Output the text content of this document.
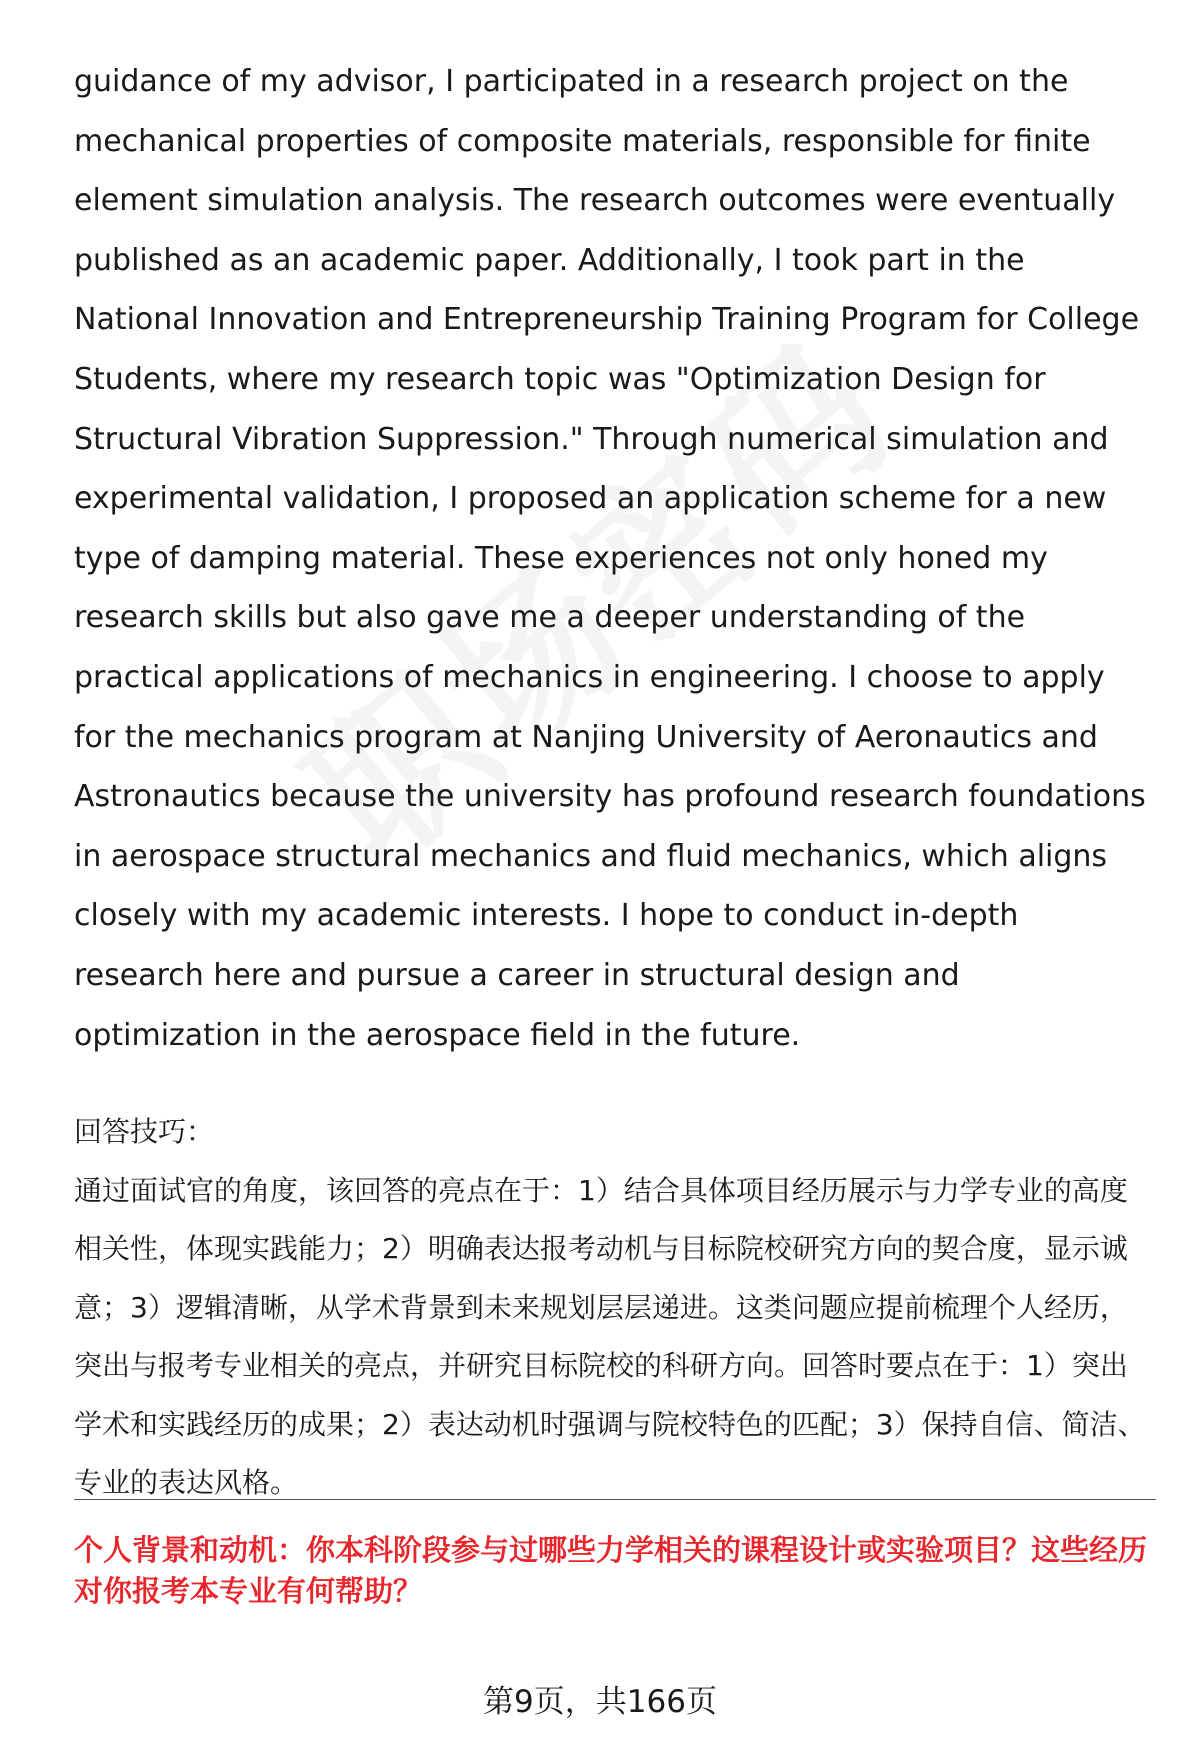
guidance of my advisor, I participated in a research project on the mechanical properties of composite materials, responsible for finite element simulation analysis. The research outcomes were eventually published as an academic paper. Additionally, I took part in the National Innovation and Entrepreneurship Training Program for College Students, where my research topic was "Optimization Design for Structural Vibration Suppression." Through numerical simulation and experimental validation, I proposed an application scheme for a new type of damping material. These experiences not only honed my research skills but also gave me a deeper understanding of the practical applications of mechanics in engineering. I choose to apply for the mechanics program at Nanjing University of Aeronautics and Astronautics because the university has profound research foundations in aerospace structural mechanics and fluid mechanics, which aligns closely with my academic interests. I hope to conduct in-depth research here and pursue a career in structural design and optimization in the aerospace field in the future.

回答技巧：

通过面试官的角度，该回答的亮点在于：1）结合具体项目经历展示与力学专业的高度相关性，体现实践能力；2）明确表达报考动机与目标院校研究方向的契合度，显示诚意；3）逻辑清晰，从学术背景到未来规划层层递进。这类问题应提前梳理个人经历，突出与报考专业相关的亮点，并研究目标院校的科研方向。回答时要点在于：1）突出学术和实践经历的成果；2）表达动机时强调与院校特色的匹配；3）保持自信、简洁、专业的表达风格。

个人背景和动机：你本科阶段参与过哪些力学相关的课程设计或实验项目？这些经历对你报考本专业有何帮助？

第9页，共166页
